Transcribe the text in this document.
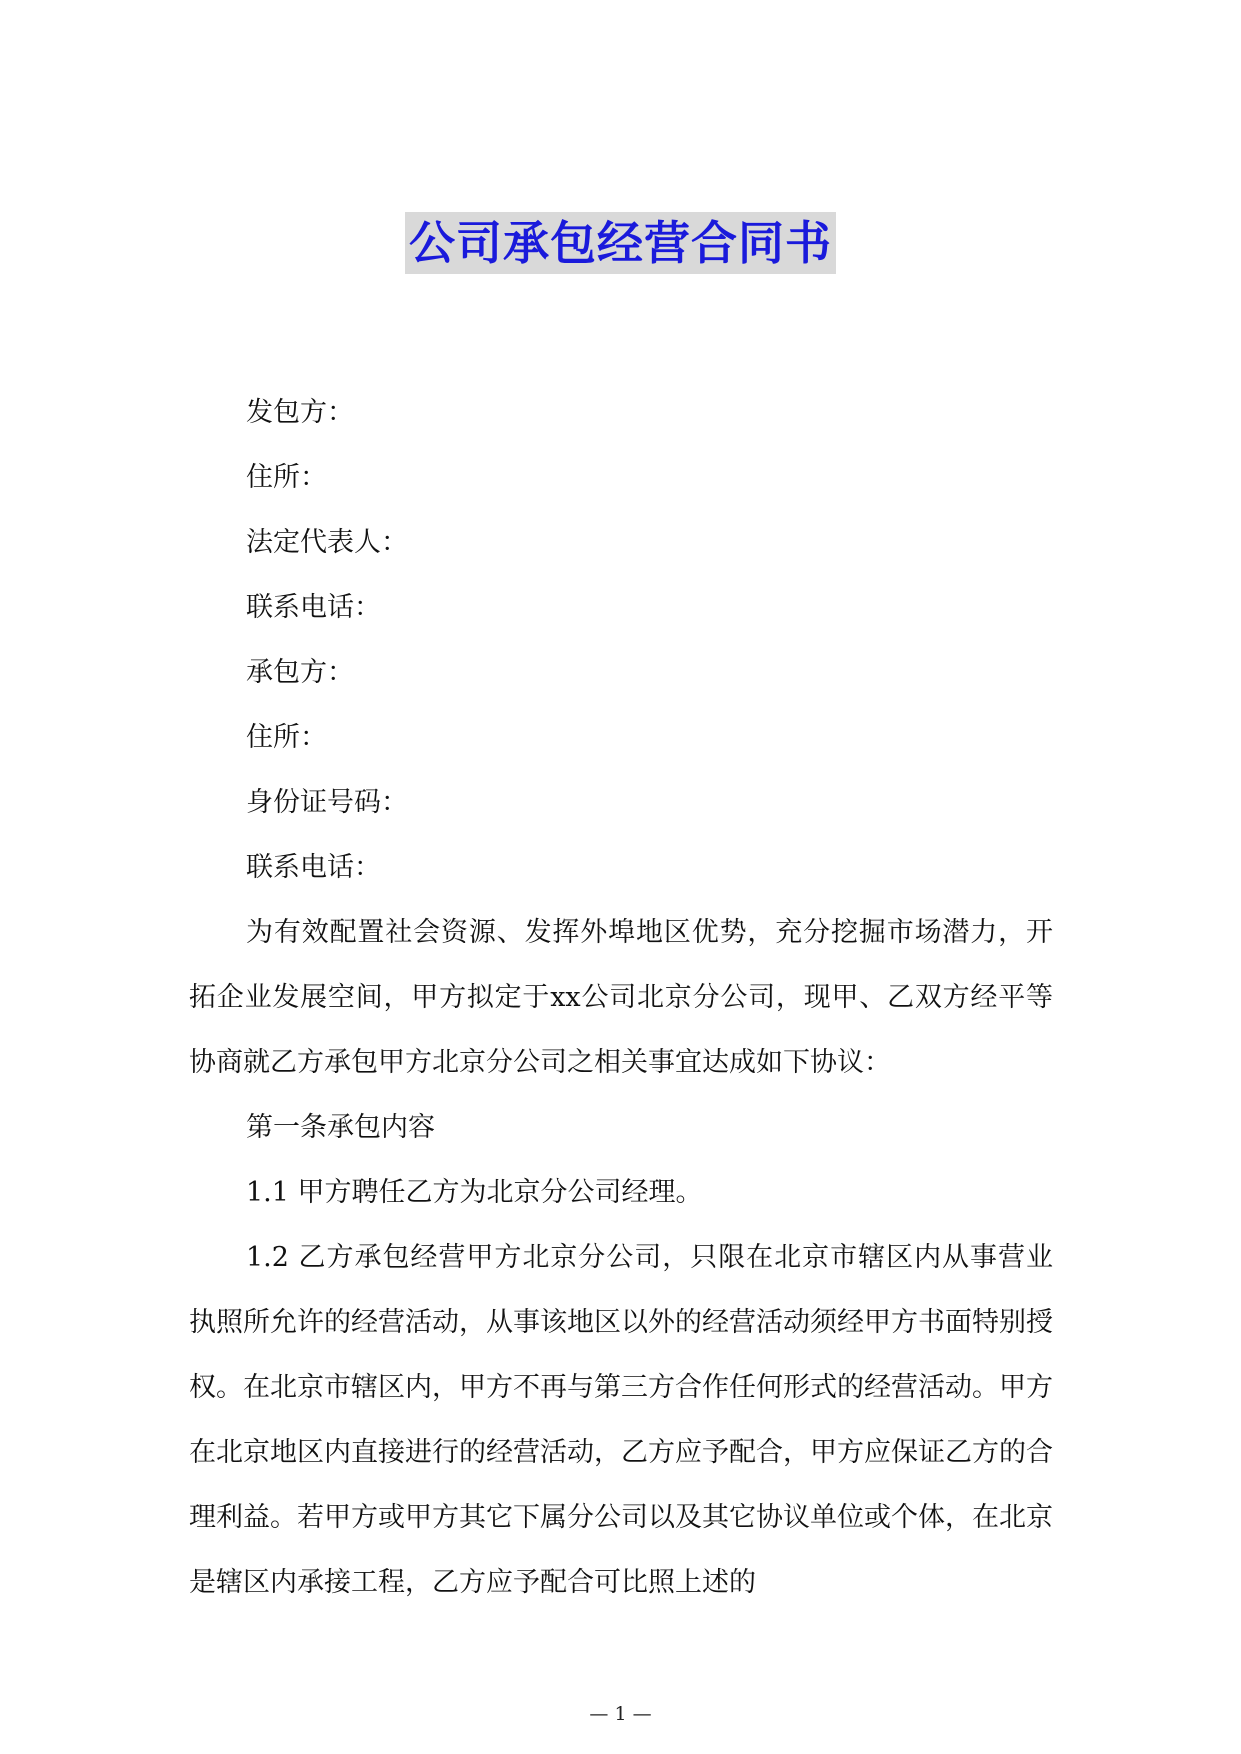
公司承包经营合同书

发包方：

住所：

法定代表人：

联系电话：

承包方：

住所：

身份证号码：

联系电话：

为有效配置社会资源、发挥外埠地区优势，充分挖掘市场潜力，开拓企业发展空间，甲方拟定于xx公司北京分公司，现甲、乙双方经平等协商就乙方承包甲方北京分公司之相关事宜达成如下协议：

第一条承包内容

1.1 甲方聘任乙方为北京分公司经理。

1.2 乙方承包经营甲方北京分公司，只限在北京市辖区内从事营业执照所允许的经营活动，从事该地区以外的经营活动须经甲方书面特别授权。在北京市辖区内，甲方不再与第三方合作任何形式的经营活动。甲方在北京地区内直接进行的经营活动，乙方应予配合，甲方应保证乙方的合理利益。若甲方或甲方其它下属分公司以及其它协议单位或个体，在北京是辖区内承接工程，乙方应予配合可比照上述的

— 1 —
